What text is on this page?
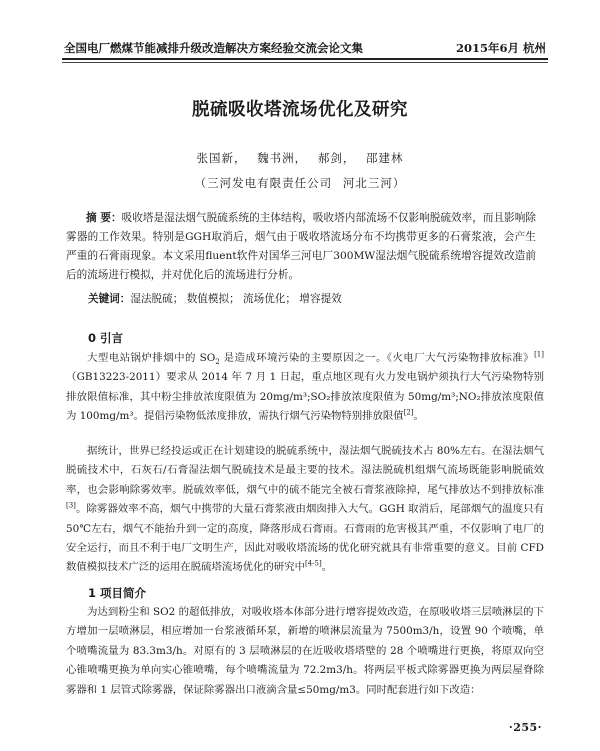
全国电厂燃煤节能减排升级改造解决方案经验交流会论文集	2015年6月 杭州
脱硫吸收塔流场优化及研究
张国新， 魏书洲， 郝剑， 邵建林
（三河发电有限责任公司 河北三河）
摘 要：吸收塔是湿法烟气脱硫系统的主体结构，吸收塔内部流场不仅影响脱硫效率，而且影响除雾器的工作效果。特别是GGH取消后，烟气由于吸收塔流场分布不均携带更多的石膏浆液，会产生严重的石膏雨现象。本文采用fluent软件对国华三河电厂300MW湿法烟气脱硫系统增容提效改造前后的流场进行模拟，并对优化后的流场进行分析。
关键词：湿法脱硫； 数值模拟； 流场优化； 增容提效
0 引言

大型电站锅炉排烟中的 $SO_2$ 是造成环境污染的主要原因之一。《火电厂大气污染物排放标准》[1]（GB13223-2011）要求从 2014 年 7 月 1 日起，重点地区现有火力发电锅炉须执行大气污染物特别排放限值标准，其中粉尘排放浓度限值为 20mg/m³;SO₂排放浓度限值为 50mg/m³;NO₂排放浓度限值为 100mg/m³。提倡污染物低浓度排放，需执行烟气污染物特别排放限值[2]。

据统计，世界已经投运或正在计划建设的脱硫系统中，湿法烟气脱硫技术占 80%左右。在湿法烟气脱硫技术中，石灰石/石膏湿法烟气脱硫技术是最主要的技术。湿法脱硫机组烟气流场既能影响脱硫效率，也会影响除雾效率。脱硫效率低，烟气中的硫不能完全被石膏浆液除掉，尾气排放达不到排放标准[3]。除雾器效率不高，烟气中携带的大量石膏浆液由烟囱排入大气。GGH 取消后，尾部烟气的温度只有 50℃左右，烟气不能抬升到一定的高度，降落形成石膏雨。石膏雨的危害极其严重，不仅影响了电厂的安全运行，而且不利于电厂文明生产，因此对吸收塔流场的优化研究就具有非常重要的意义。目前 CFD 数值模拟技术广泛的运用在脱硫塔流场优化的研究中[4-5]。

1 项目简介

为达到粉尘和 SO2 的超低排放，对吸收塔本体部分进行增容提效改造，在原吸收塔三层喷淋层的下方增加一层喷淋层，相应增加一台浆液循环泵，新增的喷淋层流量为 7500m3/h，设置 90 个喷嘴，单个喷嘴流量为 83.3m3/h。对原有的 3 层喷淋层的在近吸收塔塔壁的 28 个喷嘴进行更换，将原双向空心锥喷嘴更换为单向实心锥喷嘴，每个喷嘴流量为 72.2m3/h。将两层平板式除雾器更换为两层屋脊除雾器和 1 层管式除雾器，保证除雾器出口液滴含量≤50mg/m3。同时配套进行如下改造：

·255·
